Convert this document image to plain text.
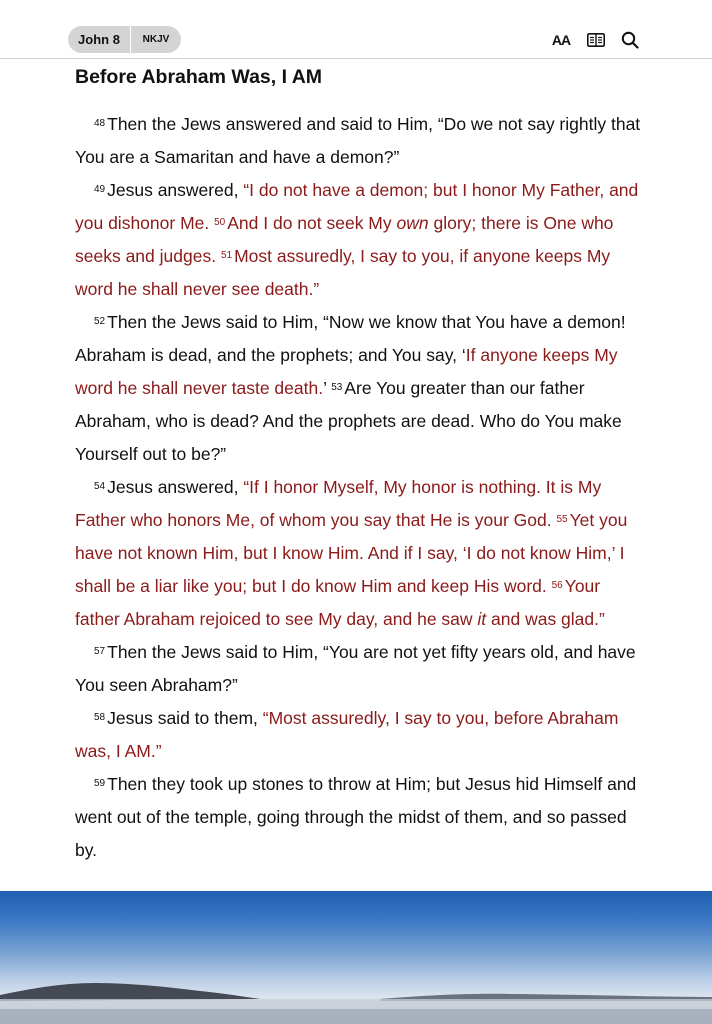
John 8	NKJV	AA
Before Abraham Was, I AM

$^{48}$ Then the Jews answered and said to Him, “Do we not say rightly that You are a Samaritan and have a demon?”

$^{49}$ Jesus answered, “I do not have a demon; but I honor My Father, and you dishonor Me. $^{50}$ And I do not seek My own glory; there is One who seeks and judges. $^{51}$ Most assuredly, I say to you, if anyone keeps My word he shall never see death.”

$^{52}$ Then the Jews said to Him, “Now we know that You have a demon! Abraham is dead, and the prophets; and You say, ‘If anyone keeps My word he shall never taste death.’ $^{53}$ Are You greater than our father Abraham, who is dead? And the prophets are dead. Who do You make Yourself out to be?”

$^{54}$ Jesus answered, “If I honor Myself, My honor is nothing. It is My Father who honors Me, of whom you say that He is your God. $^{55}$ Yet you have not known Him, but I know Him. And if I say, ‘I do not know Him,’ I shall be a liar like you; but I do know Him and keep His word. $^{56}$ Your father Abraham rejoiced to see My day, and he saw it and was glad.”

$^{57}$ Then the Jews said to Him, “You are not yet fifty years old, and have You seen Abraham?”

$^{58}$ Jesus said to them, “Most assuredly, I say to you, before Abraham was, I AM.”

$^{59}$ Then they took up stones to throw at Him; but Jesus hid Himself and went out of the temple, going through the midst of them, and so passed by.
